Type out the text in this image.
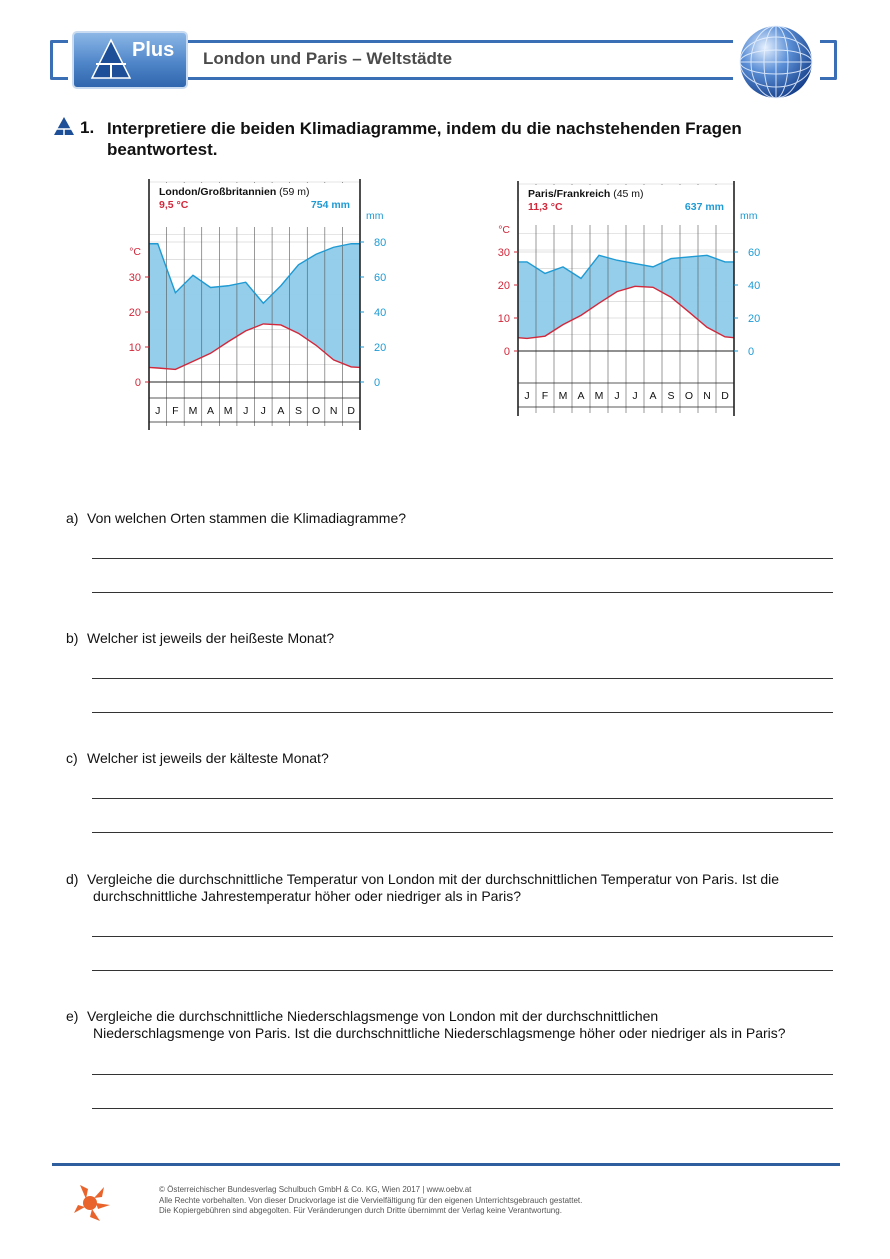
Plus London und Paris – Weltstädte
1. Interpretiere die beiden Klimadiagramme, indem du die nachstehenden Fragen beantwortest.
London/Großbritannien (59 m)
9,5 °C	754 mm
°C
mm
0
10
20
30
0
20
40
60
80
J F M A M J J A S O N D
Paris/Frankreich (45 m)
11,3 °C	637 mm
°C
mm
0
10
20
30
0
20
40
60
J F M A M J J A S O N D
a) Von welchen Orten stammen die Klimadiagramme?
b) Welcher ist jeweils der heißeste Monat?
c) Welcher ist jeweils der kälteste Monat?
d) Vergleiche die durchschnittliche Temperatur von London mit der durchschnittlichen Temperatur von Paris. Ist die
durchschnittliche Jahrestemperatur höher oder niedriger als in Paris?
e) Vergleiche die durchschnittliche Niederschlagsmenge von London mit der durchschnittlichen
Niederschlagsmenge von Paris. Ist die durchschnittliche Niederschlagsmenge höher oder niedriger als in Paris?
© Österreichischer Bundesverlag Schulbuch GmbH & Co. KG, Wien 2017 | www.oebv.at
Alle Rechte vorbehalten. Von dieser Druckvorlage ist die Vervielfältigung für den eigenen Unterrichtsgebrauch gestattet.
Die Kopiergebühren sind abgegolten. Für Veränderungen durch Dritte übernimmt der Verlag keine Verantwortung.
